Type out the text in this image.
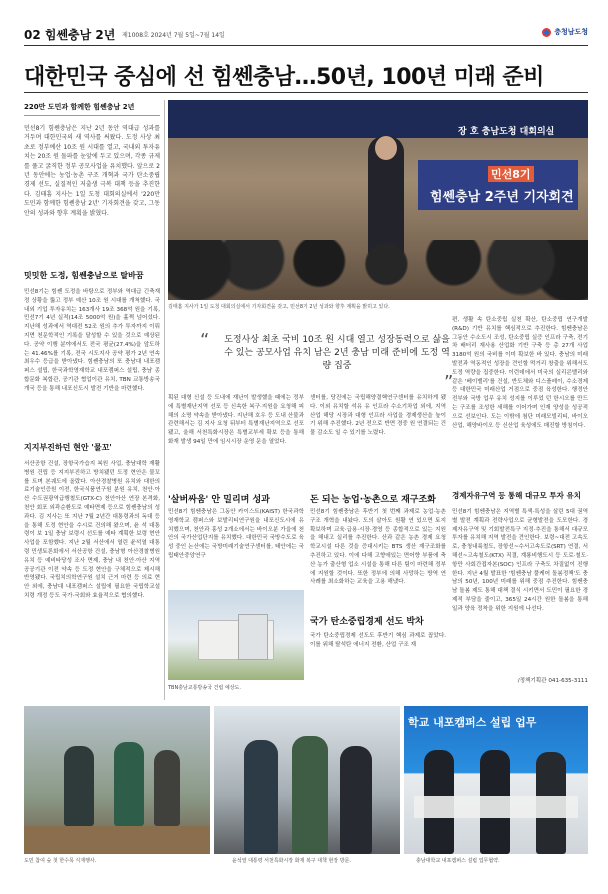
02 힘쎈충남 2년 제1008호 2024년 7월 5일~7월 14일	충청남도청
대한민국 중심에 선 힘쎈충남…50년, 100년 미래 준비
220만 도민과 함께한 힘쎈충남 2년
민선8기 힘쎈충남은 지난 2년 동안 역대급 성과를 거두며 대한민국의 새 역사를 써왔다. 도정 사상 최초로 정부예산 10조 원 시대를 열고, 국내외 투자유치는 20조 원 돌파를 눈앞에 두고 있으며, 각종 규제를 풀고 굵직한 정부 공모사업을 유치했다. 앞으로 2년 동안에는 농업·농촌 구조 개혁과 국가 탄소중립 경제 선도, 실질적인 저출생 극복 대책 등을 추진한다. 김태흠 지사는 1일 도청 대회의실에서 '220만 도민과 함께한 힘쎈충남 2년' 기자회견을 갖고, 그동안의 성과와 향후 계획을 밝혔다.
밋밋한 도정, 힘쎈충남으로 탈바꿈
민선8기는 힘쎈 도정을 바탕으로 정부와 역대급 긴축재정 상황을 뚫고 정부 예산 10조 원 시대를 개척했다. 국내외 기업 투자유치는 163개사 19조 368억 원을 기록, 민선7기 4년 실적(14조 5000억 원)을 훌쩍 넘어섰다. 지난해 성과에서 역대전 52조 원의 추가 투자까지 이뤄지면 천문학적인 기록을 달성할 수 있을 것으로 예상된다. 공약 이행 분야에서도 전국 평균(27.4%)을 앞도하는 41.46%를 기록, 전국 시도지사 공약 평가 2년 연속 최우수 등급을 받아냈다. 힘쎈충남의 또 충남대 내포캠퍼스 설립, 한국과학영재학교 내포캠퍼스 설립, 충남 종합문화 복합관, 공기관 협업이관 유치, TBN 교통방송국 개국 등을 통해 내포신도시 발전 기반을 마련했다.
지지부진하던 현안 '물꼬'
서산공항 건설, 장항국가습지 복원 사업, 충남대학 재활병원 건립 등 지지부진하고 방치됐던 도정 현안은 물꼬를 트며 본궤도에 올랐다. 아산경찰병원 유치와 대한의료기술인증원 이전, 한국식품연구원 분원 유치, 천안·아산 수도권광역급행철도(GTX-C) 천안아산 연장 본격화, 천안 회포 외곽순환도로 예타면제 등으로 힘쎈충남의 성과다. 김 지사는 또 지난 7월 2년간 대통령과의 독대 등을 통해 도정 현안을 수시로 건의해 왔으며, 윤 석 대통령이 보 1일 충남 보령시 선도를 예타 계획한 보령 현안사업을 포함했다. 지난 2월 서산에서 열린 윤석열 대통령 민생토론회에서 서산공항 건설, 충남형 아산경찰병원 유치 등 예비타당성 조사 면제, 충남 내 천안·아산 지역 공공기관 이전 약속 등 도정 현안을 구체적으로 제시해 반영됐다. 국립치의학연구원 설치 근거 마련 등 의료 현안 외에, 충남대 내포캠퍼스 설립에 필요한 국립학교설치령 개정 등도 국가·국회와 효율적으로 협의했다.
장 호 충남도청 대회의실
민선8기
힘쎈충남 2주년 기자회견
김태흠 지사가 1일 도청 대회의실에서 기자회견을 갖고, 민선8기 2년 성과와 향후 계획을 밝히고 있다.
“ 도정사상 최초 국비 10조 원 시대 열고 성장동력으로 삶을 수 있는 공모사업 유치 남은 2년 충남 미래 준비에 도정 역량 집중
”
획된 대형 신설 등 도내에 재난이 발생했을 때에는 정부에 특별재난지역 선포 등 신속한 복구·지원을 요청해 피해의 소명 약속을 받아냈다. 지난해 호우 등 도내 산불과 관련해서는 김 지사 요청 뒤부터 특별재난지역으로 선포됐고, 울해 서천특화시장은 특별교부세 확보 등을 통해 화재 발생 94일 만에 임시시장 운영 문을 열었다.
'살버싸움' 안 밀리며 성과
민선8기 힘쎈충남은 그동안 카이스트(KAIST) 한국과학영재학교 캠퍼스와 보발리티연구원을 내포신도시에 유치했으며, 천안과 홍성 2개소에서는 바이오분 가을에 천안의 국가산업단지를 유치했다. 대한민국 국방수도로 육성 중인 논산에는 국방미래기술연구센터를, 태안에는 국립태안중앙연구
TBN충남교통방송국 건립 예상도.
센터를, 당진에는 국립해양결핵연구센터를 유치하게 됐다. 이외 유치할 석유 유 인프라 수소기차업 외에, 지역 산업 해당 시장과 대형 인프라 사업을 경제생산을 높이기 위해 추진했다. 2년 전으로 반면 경중 원 연결되는 건물 감소도 일 수 있기를 노렸다.
돈 되는 농업·농촌으로 재구조화
민선8기 힘쎈충남은 후반기 첫 번째 과제로 농업·농촌 구조 개혁을 내놨다. 도의 살아도 원활 연 있으면 토지 확보하며 교육·급용·시장·경영 등 종합적으로 있는 지원을 해내고 실리를 추진한다. 산과 같은 농촌 경제 요청 학교시설 다른 것을 증대시키는 BTS 생산 재구조화를 추진하고 있다. 이에 다해 고향에있는 면어향 부품에 축산 농가 출산형 업소 시설을 통해 다른 팀이 마련해 정부에 지원할 것이다. 또한 정부에 의해 사망하는 방역 연 사례를 최소화하는 교육을 고용 해냈다.
국가 탄소중립경제 선도 박차
국가 탄소중립경제 선도도 후반기 핵심 과제로 꼽았다. 이를 위해 탈석탄 에너지 전환, 산업 구조 재
편, 생활 속 탄소중립 실천 확산, 탄소중립 연구개발(R&D) 기반 유치를 핵심적으로 추진한다. 힘쎈충남은 그동안 수소도시 조성, 탄소중립 실증 인프라 구축, 전기차 배터리 재사용 산업화 기반 구축 등 총 27개 사업 3180억 원의 국비를 이미 확보한 바 있다. 충남의 미래 발전과 역동적인 성장을 견인할 먹거리 창출을 위해서도 도정 역량을 집중한다. 이런데에서 미국의 실리콘밸리와 같은 '베이밸리'를 건설, 반도체와 디스플레이, 수소경제 등 대한민국 미래산업 거점으로 중점 육성한다. 행정안전부와 국방 업무 유치 성지를 이루었 던 한시오를 만드는 구조를 조성한 새해를 이어가며 인재 양성을 성공적으로 선보인다. 도는 이밖에 첨단 미래모빌리티, 바이오산업, 해양바이오 등 신산업 육성에도 매진할 방침이다.
경제자유구역 등 통해 대규모 투자 유치
민선8기 힘쎈충남은 지역별 특색·특성을 살린 5대 권역별 발전 계획과 전략사업으로 균형발전을 도모한다. 경제자유구역 및 기회발전특구 지정·추진을 통해서 대규모 투자를 유치해 지역 발전을 견인한다. 보령~대전 고속도로, 충청내륙철도, 장항선~수서고속도로(SRT) 연결, 서해선~고속철도(KTX) 직결, 계룡비행도시 등 도로·철도·항만 사회간접자본(SOC) 인프라 구축도 차질없이 진행한다. 지난 4월 발표한 '힘쎈충남 풀케어 돌봄정책'도 충남의 50년, 100년 미래를 위해 중점 추진한다. 힘쎈충남 돌봄 제도 통해 대책 결식 시키면서 도민이 필요한 경제적 부담을 줄이고, 365일 24시간 원한 돌봄을 통해 일과 양육 정착을 위한 지원에 나선다.
/정책기획관 041-635-3111
도민 참여 숲 첫 한수목 식재행사.	윤석열 대통령 서천특화시장 화재 복구 대책 현장 방문.
학교 내포캠퍼스 설립 업무
충남대학교 내포캠퍼스 설립 업무협약.
